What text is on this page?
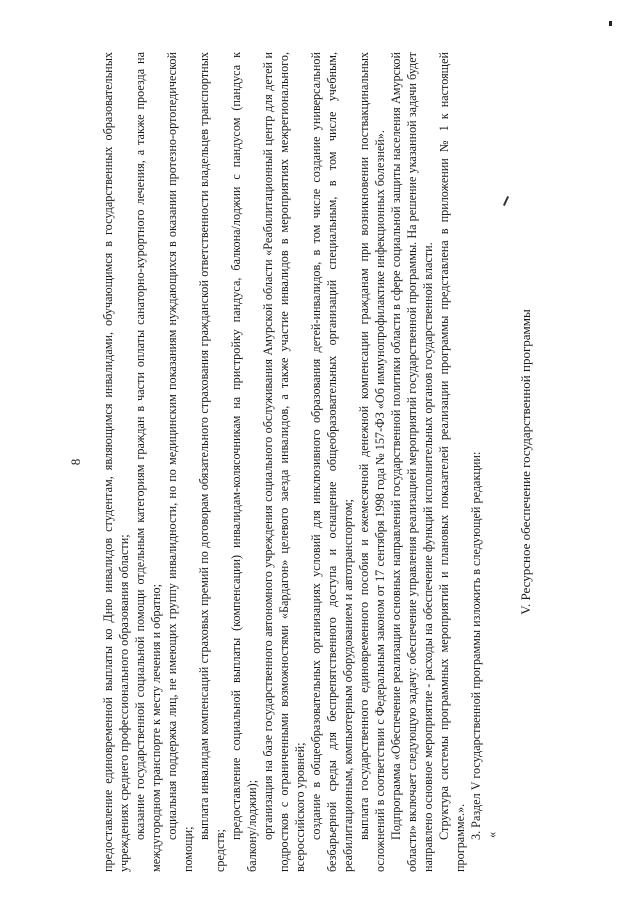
8 предоставление единовременной выплаты ко Дню инвалидов студентам, являющимся инвалидами, обучающимся в государственных образовательных учреждениях среднего профессионального образования области; оказание государственной социальной помощи отдельным категориям граждан в части оплаты санаторно-курортного лечения, а также проезда на междугородном транспорте к месту лечения и обратно; социальная поддержка лиц, не имеющих группу инвалидности, но по медицинским показаниям нуждающихся в оказании протезно-ортопедической помощи;

выплата инвалидам компенсаций страховых премий по договорам обязательного страхования гражданской ответственности владельцев транспортных средств;

предоставление социальной выплаты (компенсации) инвалидам-колясочникам на пристройку пандуса, балкона/лоджии с пандусом (пандуса к балкону/лоджии); организация на базе государственного автономного учреждения социального обслуживания Амурской области «Реабилитационный центр для детей и подростков с ограниченными возможностями «Бардагон» целевого заезда инвалидов, а также участие инвалидов в мероприятиях межрегионального, всероссийского уровней; создание в общеобразовательных организациях условий для инклюзивного образования детей-инвалидов, в том числе создание универсальной безбарьерной среды для беспрепятственного доступа и оснащение общеобразовательных организаций специальным, в том числе учебным, реабилитационным, компьютерным оборудованием и автотранспортом; выплата государственного единовременного пособия и ежемесячной денежной компенсации гражданам при возникновении поствакцинальных осложнений в соответствии с Федеральным законом от 17 сентября 1998 года № 157-ФЗ «Об иммунопрофилактике инфекционных болезней». Подпрограмма «Обеспечение реализации основных направлений государственной политики области в сфере социальной защиты населения Амурской области» включает следующую задачу: обеспечение управления реализацией мероприятий государственной программы. На решение указанной задачи будет направлено основное мероприятие - расходы на обеспечение функций исполнительных органов государственной власти. Структура системы программных мероприятий и плановых показателей реализации программы представлена в приложении № 1 к настоящей программе.». 3. Раздел V государственной программы изложить в следующей редакции: «

V. Ресурсное обеспечение государственной программы
